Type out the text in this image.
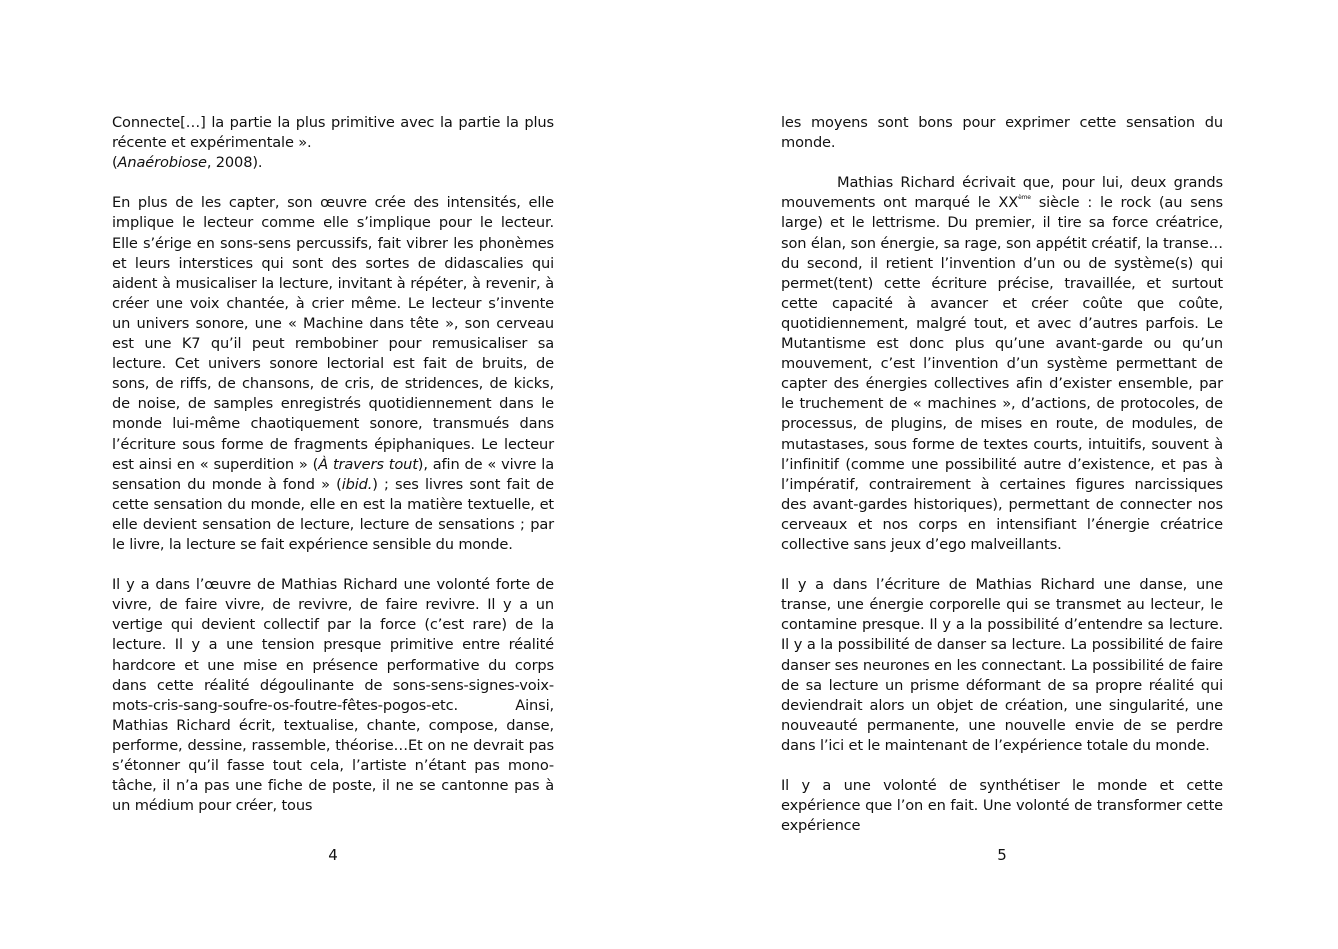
Connecte[…] la partie la plus primitive avec la partie la plus récente et expérimentale ».

(Anaérobiose, 2008).

En plus de les capter, son œuvre crée des intensités, elle implique le lecteur comme elle s’implique pour le lecteur. Elle s’érige en sons-sens percussifs, fait vibrer les phonèmes et leurs interstices qui sont des sortes de didascalies qui aident à musicaliser la lecture, invitant à répéter, à revenir, à créer une voix chantée, à crier même. Le lecteur s’invente un univers sonore, une « Machine dans tête », son cerveau est une K7 qu’il peut rembobiner pour remusicaliser sa lecture. Cet univers sonore lectorial est fait de bruits, de sons, de riffs, de chansons, de cris, de stridences, de kicks, de noise, de samples enregistrés quotidiennement dans le monde lui-même chaotiquement sonore, transmués dans l’écriture sous forme de fragments épiphaniques. Le lecteur est ainsi en « superdition » (À travers tout), afin de « vivre la sensation du monde à fond » (ibid.) ; ses livres sont fait de cette sensation du monde, elle en est la matière textuelle, et elle devient sensation de lecture, lecture de sensations ; par le livre, la lecture se fait expérience sensible du monde.

Il y a dans l’œuvre de Mathias Richard une volonté forte de vivre, de faire vivre, de revivre, de faire revivre. Il y a un vertige qui devient collectif par la force (c’est rare) de la lecture. Il y a une tension presque primitive entre réalité hardcore et une mise en présence performative du corps dans cette réalité dégoulinante de sons-sens-signes-voix-mots-cris-sang-soufre-os-foutre-fêtes-pogos-etc. Ainsi, Mathias Richard écrit, textualise, chante, compose, danse, performe, dessine, rassemble, théorise…Et on ne devrait pas s’étonner qu’il fasse tout cela, l’artiste n’étant pas mono-tâche, il n’a pas une fiche de poste, il ne se cantonne pas à un médium pour créer, tous

4

les moyens sont bons pour exprimer cette sensation du monde.

Mathias Richard écrivait que, pour lui, deux grands mouvements ont marqué le XXème siècle : le rock (au sens large) et le lettrisme. Du premier, il tire sa force créatrice, son élan, son énergie, sa rage, son appétit créatif, la transe…du second, il retient l’invention d’un ou de système(s) qui permet(tent) cette écriture précise, travaillée, et surtout cette capacité à avancer et créer coûte que coûte, quotidiennement, malgré tout, et avec d’autres parfois. Le Mutantisme est donc plus qu’une avant-garde ou qu’un mouvement, c’est l’invention d’un système permettant de capter des énergies collectives afin d’exister ensemble, par le truchement de « machines », d’actions, de protocoles, de processus, de plugins, de mises en route, de modules, de mutastases, sous forme de textes courts, intuitifs, souvent à l’infinitif (comme une possibilité autre d’existence, et pas à l’impératif, contrairement à certaines figures narcissiques des avant-gardes historiques), permettant de connecter nos cerveaux et nos corps en intensifiant l’énergie créatrice collective sans jeux d’ego malveillants.

Il y a dans l’écriture de Mathias Richard une danse, une transe, une énergie corporelle qui se transmet au lecteur, le contamine presque. Il y a la possibilité d’entendre sa lecture. Il y a la possibilité de danser sa lecture. La possibilité de faire danser ses neurones en les connectant. La possibilité de faire de sa lecture un prisme déformant de sa propre réalité qui deviendrait alors un objet de création, une singularité, une nouveauté permanente, une nouvelle envie de se perdre dans l’ici et le maintenant de l’expérience totale du monde.

Il y a une volonté de synthétiser le monde et cette expérience que l’on en fait. Une volonté de transformer cette expérience

5
